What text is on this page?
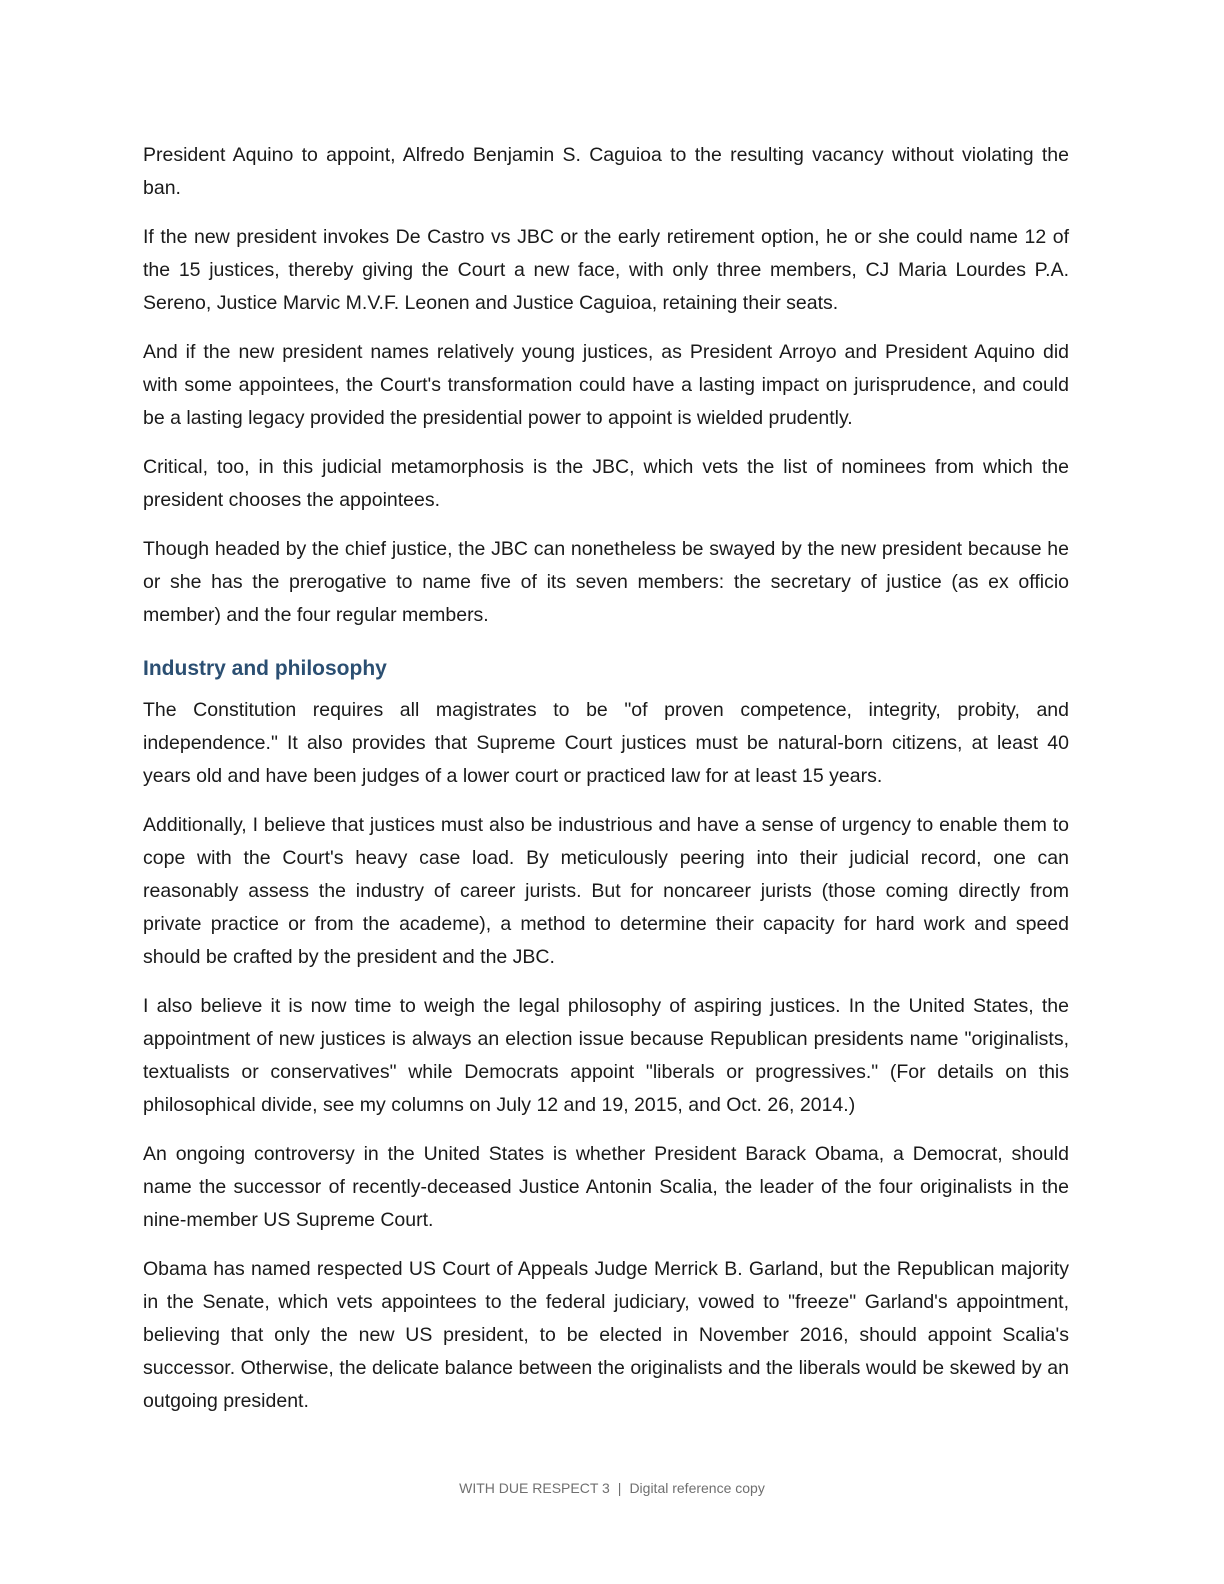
President Aquino to appoint, Alfredo Benjamin S. Caguioa to the resulting vacancy without violating the ban.

If the new president invokes De Castro vs JBC or the early retirement option, he or she could name 12 of the 15 justices, thereby giving the Court a new face, with only three members, CJ Maria Lourdes P.A. Sereno, Justice Marvic M.V.F. Leonen and Justice Caguioa, retaining their seats.

And if the new president names relatively young justices, as President Arroyo and President Aquino did with some appointees, the Court's transformation could have a lasting impact on jurisprudence, and could be a lasting legacy provided the presidential power to appoint is wielded prudently.

Critical, too, in this judicial metamorphosis is the JBC, which vets the list of nominees from which the president chooses the appointees.

Though headed by the chief justice, the JBC can nonetheless be swayed by the new president because he or she has the prerogative to name five of its seven members: the secretary of justice (as ex officio member) and the four regular members.

Industry and philosophy

The Constitution requires all magistrates to be "of proven competence, integrity, probity, and independence." It also provides that Supreme Court justices must be natural-born citizens, at least 40 years old and have been judges of a lower court or practiced law for at least 15 years.

Additionally, I believe that justices must also be industrious and have a sense of urgency to enable them to cope with the Court's heavy case load. By meticulously peering into their judicial record, one can reasonably assess the industry of career jurists. But for noncareer jurists (those coming directly from private practice or from the academe), a method to determine their capacity for hard work and speed should be crafted by the president and the JBC.

I also believe it is now time to weigh the legal philosophy of aspiring justices. In the United States, the appointment of new justices is always an election issue because Republican presidents name "originalists, textualists or conservatives" while Democrats appoint "liberals or progressives." (For details on this philosophical divide, see my columns on July 12 and 19, 2015, and Oct. 26, 2014.)

An ongoing controversy in the United States is whether President Barack Obama, a Democrat, should name the successor of recently-deceased Justice Antonin Scalia, the leader of the four originalists in the nine-member US Supreme Court.

Obama has named respected US Court of Appeals Judge Merrick B. Garland, but the Republican majority in the Senate, which vets appointees to the federal judiciary, vowed to "freeze" Garland's appointment, believing that only the new US president, to be elected in November 2016, should appoint Scalia's successor. Otherwise, the delicate balance between the originalists and the liberals would be skewed by an outgoing president.

WITH DUE RESPECT 3 | Digital reference copy
